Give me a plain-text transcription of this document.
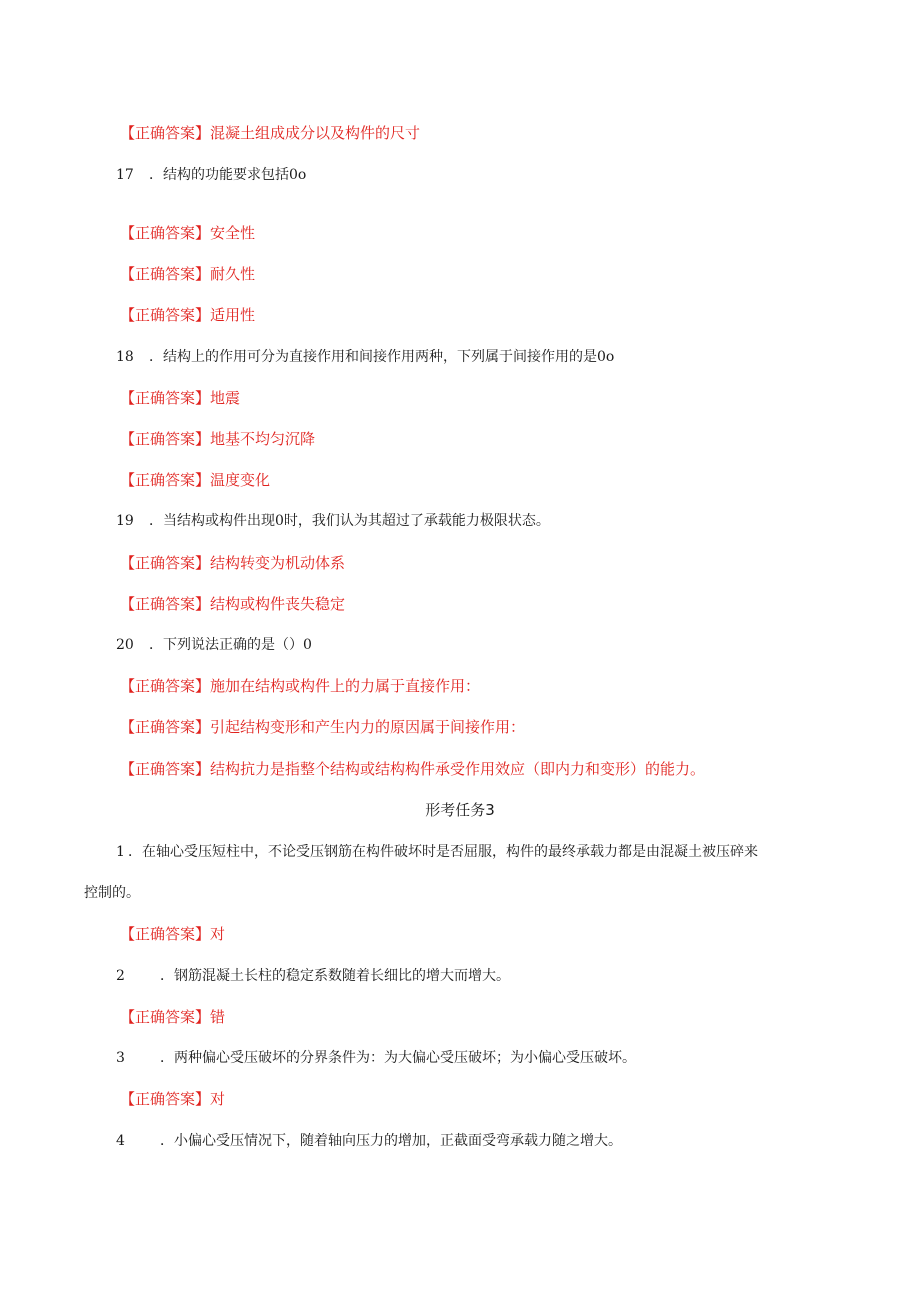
【正确答案】混凝土组成成分以及构件的尺寸
17 ．结构的功能要求包括0o
【正确答案】安全性
【正确答案】耐久性
【正确答案】适用性
18 ．结构上的作用可分为直接作用和间接作用两种，下列属于间接作用的是0o
【正确答案】地震
【正确答案】地基不均匀沉降
【正确答案】温度变化
19 ．当结构或构件出现0时，我们认为其超过了承载能力极限状态。
【正确答案】结构转变为机动体系
【正确答案】结构或构件丧失稳定
20 ．下列说法正确的是（）0
【正确答案】施加在结构或构件上的力属于直接作用：
【正确答案】引起结构变形和产生内力的原因属于间接作用：
【正确答案】结构抗力是指整个结构或结构构件承受作用效应（即内力和变形）的能力。
形考任务3
1 ．在轴心受压短柱中，不论受压钢筋在构件破坏时是否屈服，构件的最终承载力都是由混凝土被压碎来
控制的。
【正确答案】对
2	．钢筋混凝土长柱的稳定系数随着长细比的增大而增大。
【正确答案】错
3	．两种偏心受压破坏的分界条件为：为大偏心受压破坏；为小偏心受压破坏。
【正确答案】对
4	．小偏心受压情况下，随着轴向压力的增加，正截面受弯承载力随之增大。
